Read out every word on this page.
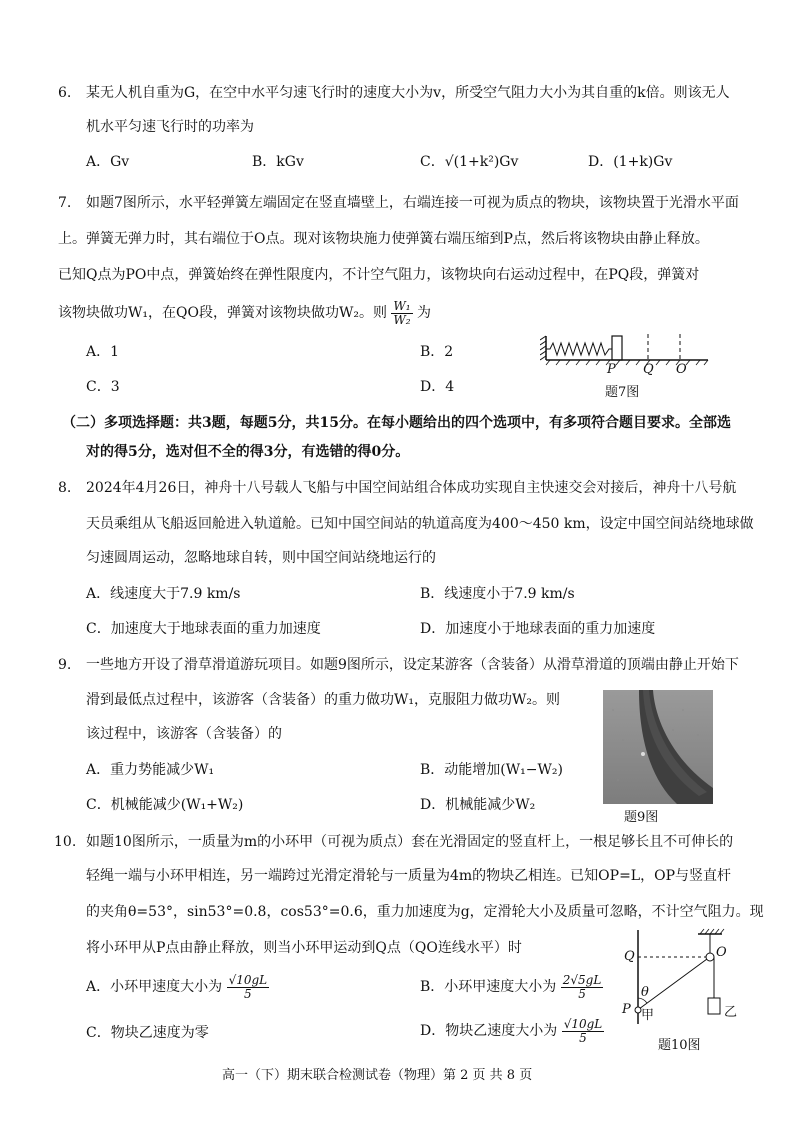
6. 某无人机自重为G，在空中水平匀速飞行时的速度大小为v，所受空气阻力大小为其自重的k倍。则该无人
机水平匀速飞行时的功率为
A．Gv	B．kGv	C．√(1+k²)Gv	D．(1+k)Gv
7. 如题7图所示，水平轻弹簧左端固定在竖直墙壁上，右端连接一可视为质点的物块，该物块置于光滑水平面
上。弹簧无弹力时，其右端位于O点。现对该物块施力使弹簧右端压缩到P点，然后将该物块由静止释放。
已知Q点为PO中点，弹簧始终在弹性限度内，不计空气阻力，该物块向右运动过程中，在PQ段，弹簧对
该物块做功W₁，在QO段，弹簧对该物块做功W₂。则 $\frac{\text{W₁}}{\text{W₂}}$ 为
A．1	B．2
C．3	D．4
P Q O
题7图
（二）多项选择题：共3题，每题5分，共15分。在每小题给出的四个选项中，有多项符合题目要求。全部选
对的得5分，选对但不全的得3分，有选错的得0分。
8. 2024年4月26日，神舟十八号载人飞船与中国空间站组合体成功实现自主快速交会对接后，神舟十八号航
天员乘组从飞船返回舱进入轨道舱。已知中国空间站的轨道高度为400～450 km，设定中国空间站绕地球做
匀速圆周运动，忽略地球自转，则中国空间站绕地运行的
A．线速度大于7.9 km/s	B．线速度小于7.9 km/s
C．加速度大于地球表面的重力加速度	D．加速度小于地球表面的重力加速度
9. 一些地方开设了滑草滑道游玩项目。如题9图所示，设定某游客（含装备）从滑草滑道的顶端由静止开始下
滑到最低点过程中，该游客（含装备）的重力做功W₁，克服阻力做功W₂。则
该过程中，该游客（含装备）的
A．重力势能减少W₁	B．动能增加(W₁−W₂)
C．机械能减少(W₁+W₂)	D．机械能减少W₂
题9图
10. 如题10图所示，一质量为m的小环甲（可视为质点）套在光滑固定的竖直杆上，一根足够长且不可伸长的
轻绳一端与小环甲相连，另一端跨过光滑定滑轮与一质量为4m的物块乙相连。已知OP=L，OP与竖直杆
的夹角θ=53°，sin53°=0.8，cos53°=0.6，重力加速度为g，定滑轮大小及质量可忽略，不计空气阻力。现
将小环甲从P点由静止释放，则当小环甲运动到Q点（QO连线水平）时
A．小环甲速度大小为 $\frac{√10gL}{5}$	B．小环甲速度大小为 $\frac{2√5gL}{5}$
C．物块乙速度为零	D．物块乙速度大小为 $\frac{√10gL}{5}$
Q	O
θ
P 甲	乙
题10图
高一（下）期末联合检测试卷（物理）第 2 页 共 8 页
